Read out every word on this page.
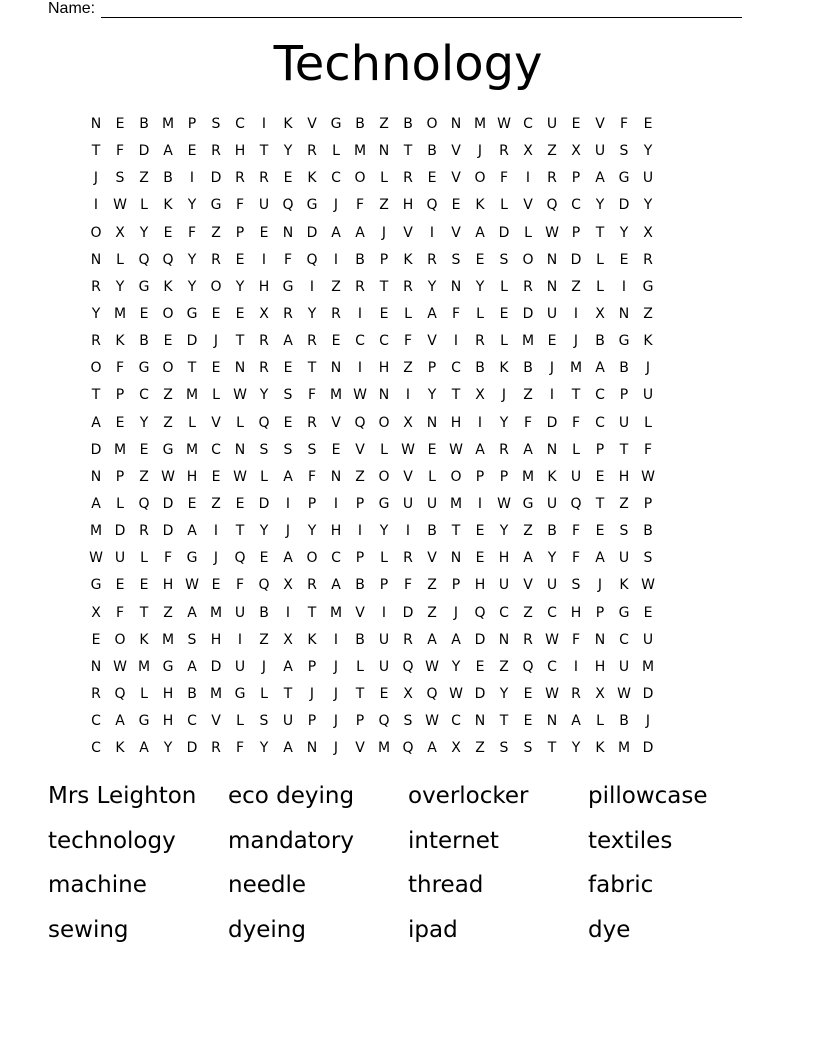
Name:
Technology
N	E	B M P	S	C	I	K	V G B	Z	B O N M W C U	E	V	F	E
T	F	D A	E	R H	T	Y	R	L	M N	T	B	V	J	R	X	Z	X	U	S	Y
J	S	Z	B	I	D R	R	E	K	C O	L	R	E	V O	F	I	R	P	A G U
I	W L	K	Y	G	F	U Q G	J	F	Z H Q	E	K	L	V Q C	Y	D	Y
O X	Y	E	F	Z	P	E	N D A	A	J	V	I	V	A D	L W P	T	Y	X
N	L	Q Q	Y	R	E	I	F	Q	I	B	P	K	R	S	E	S	O N D	L	E	R
R	Y	G K	Y	O	Y	H G	I	Z	R	T	R	Y	N	Y	L	R N Z	L	I	G
Y M E	O G	E	E	X	R	Y	R	I	E	L	A	F	L	E	D U	I	X N Z
R	K	B	E	D	J	T	R	A	R	E	C	C	F	V	I	R	L	M E	J	B G K
O	F	G O	T	E	N R	E	T	N	I	H Z	P	C	B	K	B	J	M A	B	J
T	P	C	Z M	L W Y	S	F M W N	I	Y	T	X	J	Z	I	T	C	P	U
A	E	Y	Z	L	V	L	Q	E	R	V Q O X N H	I	Y	F	D	F	C U	L
D M E	G M C N	S	S	S	E	V	L W E W A	R	A N	L	P	T	F
N	P	Z W H	E W L	A	F	N Z O V	L	O	P	P M K	U	E	H W
A	L	Q D	E	Z	E	D	I	P	I	P	G U U M	I	W G U Q	T	Z	P
M D R D A	I	T	Y	J	Y	H	I	Y	I	B	T	E	Y	Z	B	F	E	S	B
W U	L	F	G	J	Q	E	A O C	P	L	R	V N	E	H A	Y	F	A	U	S
G	E	E	H W E	F	Q X	R	A	B	P	F	Z	P	H U	V	U	S	J	K W
X	F	T	Z	A M U	B	I	T M V	I	D Z	J	Q C	Z	C H	P	G	E
E	O K M S	H	I	Z	X	K	I	B	U	R	A	A D N R W F	N C U
N W M G A D U	J	A	P	J	L	U Q W Y	E	Z Q C	I	H U M
R Q	L	H B M G	L	T	J	J	T	E	X Q W D	Y	E W R	X W D
C	A G H C	V	L	S	U	P	J	P	Q	S W C N	T	E	N A	L	B	J
C	K	A	Y	D R	F	Y	A N	J	V M Q A	X	Z	S	S	T	Y	K M D
Mrs Leighton	eco deying	overlocker	pillowcase
technology	mandatory	internet	textiles
machine	needle	thread	fabric
sewing	dyeing	ipad	dye
